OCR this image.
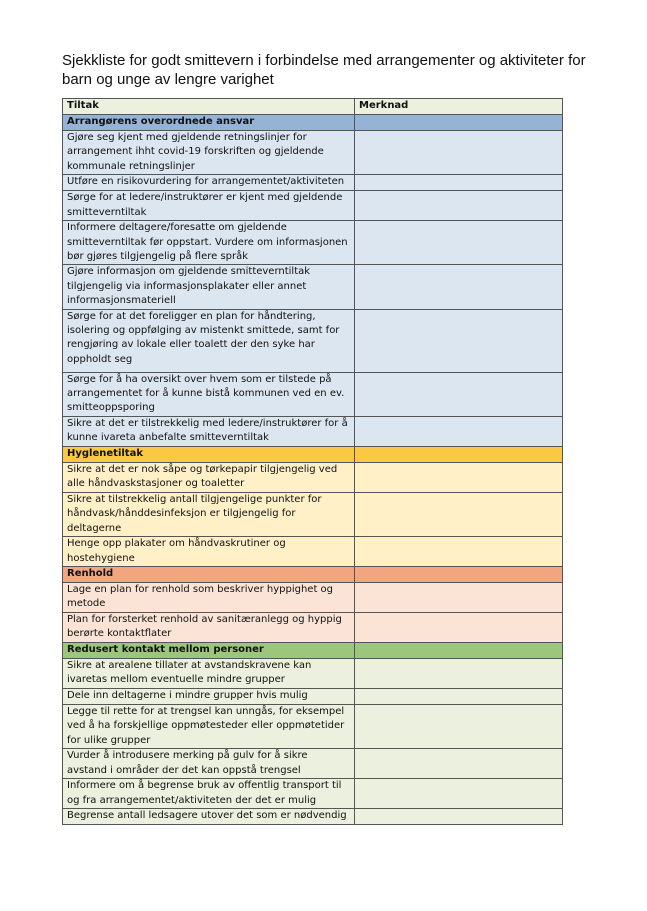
Sjekkliste for godt smittevern i forbindelse med arrangementer og aktiviteter for barn og unge av lengre varighet
Tiltak	Merknad
Arrangørens overordnede ansvar	
Gjøre seg kjent med gjeldende retningslinjer for arrangement ihht covid-19 forskriften og gjeldende kommunale retningslinjer	
Utføre en risikovurdering for arrangementet/aktiviteten	
Sørge for at ledere/instruktører er kjent med gjeldende smitteverntiltak	
Informere deltagere/foresatte om gjeldende smitteverntiltak før oppstart. Vurdere om informasjonen bør gjøres tilgjengelig på flere språk	
Gjøre informasjon om gjeldende smitteverntiltak tilgjengelig via informasjonsplakater eller annet informasjonsmateriell	
Sørge for at det foreligger en plan for håndtering, isolering og oppfølging av mistenkt smittede, samt for rengjøring av lokale eller toalett der den syke har oppholdt seg	
Sørge for å ha oversikt over hvem som er tilstede på arrangementet for å kunne bistå kommunen ved en ev. smitteoppsporing	
Sikre at det er tilstrekkelig med ledere/instruktører for å kunne ivareta anbefalte smitteverntiltak	
Hyglenetiltak	
Sikre at det er nok såpe og tørkepapir tilgjengelig ved alle håndvaskstasjoner og toaletter	
Sikre at tilstrekkelig antall tilgjengelige punkter for håndvask/hånddesinfeksjon er tilgjengelig for deltagerne	
Henge opp plakater om håndvaskrutiner og hostehygiene	
Renhold	
Lage en plan for renhold som beskriver hyppighet og metode	
Plan for forsterket renhold av sanitæranlegg og hyppig berørte kontaktflater	
Redusert kontakt mellom personer	
Sikre at arealene tillater at avstandskravene kan ivaretas mellom eventuelle mindre grupper	
Dele inn deltagerne i mindre grupper hvis mulig	
Legge til rette for at trengsel kan unngås, for eksempel ved å ha forskjellige oppmøtesteder eller oppmøtetider for ulike grupper	
Vurder å introdusere merking på gulv for å sikre avstand i områder der det kan oppstå trengsel	
Informere om å begrense bruk av offentlig transport til og fra arrangementet/aktiviteten der det er mulig	
Begrense antall ledsagere utover det som er nødvendig	
